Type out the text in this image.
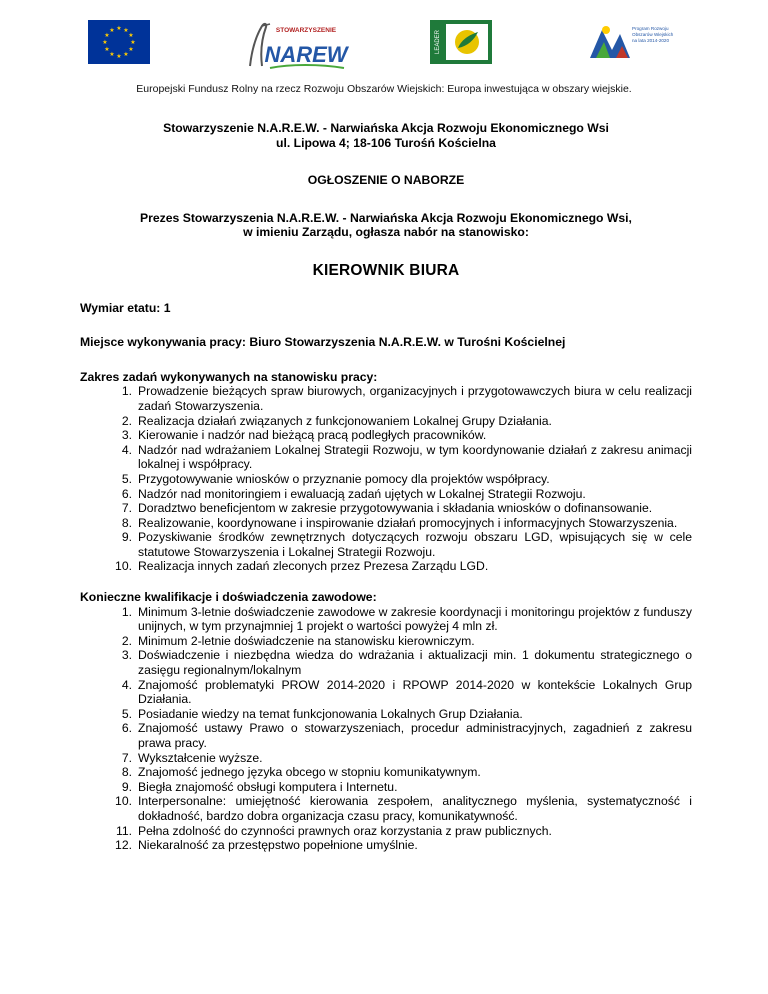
★ ★
★
★
★
★
★
★
★
★
★
★	STOWARZYSZENIE
NAREW	LEADER
Program Rozwoju Obszarów Wiejskich na lata 2014-2020
Europejski Fundusz Rolny na rzecz Rozwoju Obszarów Wiejskich: Europa inwestująca w obszary wiejskie.

Stowarzyszenie N.A.R.E.W. - Narwiańska Akcja Rozwoju Ekonomicznego Wsi

ul. Lipowa 4; 18-106 Turośń Kościelna

OGŁOSZENIE O NABORZE

Prezes Stowarzyszenia N.A.R.E.W. - Narwiańska Akcja Rozwoju Ekonomicznego Wsi,

w imieniu Zarządu, ogłasza nabór na stanowisko:

KIEROWNIK BIURA

Wymiar etatu: 1

Miejsce wykonywania pracy: Biuro Stowarzyszenia N.A.R.E.W. w Turośni Kościelnej

Zakres zadań wykonywanych na stanowisku pracy:

1. Prowadzenie bieżących spraw biurowych, organizacyjnych i przygotowawczych biura w celu realizacji zadań Stowarzyszenia.
2. Realizacja działań związanych z funkcjonowaniem Lokalnej Grupy Działania.
3. Kierowanie i nadzór nad bieżącą pracą podległych pracowników.
4. Nadzór nad wdrażaniem Lokalnej Strategii Rozwoju, w tym koordynowanie działań z zakresu animacji lokalnej i współpracy.
5. Przygotowywanie wniosków o przyznanie pomocy dla projektów współpracy.
6. Nadzór nad monitoringiem i ewaluacją zadań ujętych w Lokalnej Strategii Rozwoju.
7. Doradztwo beneficjentom w zakresie przygotowywania i składania wniosków o dofinansowanie.
8. Realizowanie, koordynowane i inspirowanie działań promocyjnych i informacyjnych Stowarzyszenia.
9. Pozyskiwanie środków zewnętrznych dotyczących rozwoju obszaru LGD, wpisujących się w cele statutowe Stowarzyszenia i Lokalnej Strategii Rozwoju.
10. Realizacja innych zadań zleconych przez Prezesa Zarządu LGD.

Konieczne kwalifikacje i doświadczenia zawodowe:

1. Minimum 3-letnie doświadczenie zawodowe w zakresie koordynacji i monitoringu projektów z funduszy unijnych, w tym przynajmniej 1 projekt o wartości powyżej 4 mln zł.
2. Minimum 2-letnie doświadczenie na stanowisku kierowniczym.
3. Doświadczenie i niezbędna wiedza do wdrażania i aktualizacji min. 1 dokumentu strategicznego o zasięgu regionalnym/lokalnym
4. Znajomość problematyki PROW 2014-2020 i RPOWP 2014-2020 w kontekście Lokalnych Grup Działania.
5. Posiadanie wiedzy na temat funkcjonowania Lokalnych Grup Działania.
6. Znajomość ustawy Prawo o stowarzyszeniach, procedur administracyjnych, zagadnień z zakresu prawa pracy.
7. Wykształcenie wyższe.
8. Znajomość jednego języka obcego w stopniu komunikatywnym.
9. Biegła znajomość obsługi komputera i Internetu.
10. Interpersonalne: umiejętność kierowania zespołem, analitycznego myślenia, systematyczność i dokładność, bardzo dobra organizacja czasu pracy, komunikatywność.
11. Pełna zdolność do czynności prawnych oraz korzystania z praw publicznych.
12. Niekaralność za przestępstwo popełnione umyślnie.
